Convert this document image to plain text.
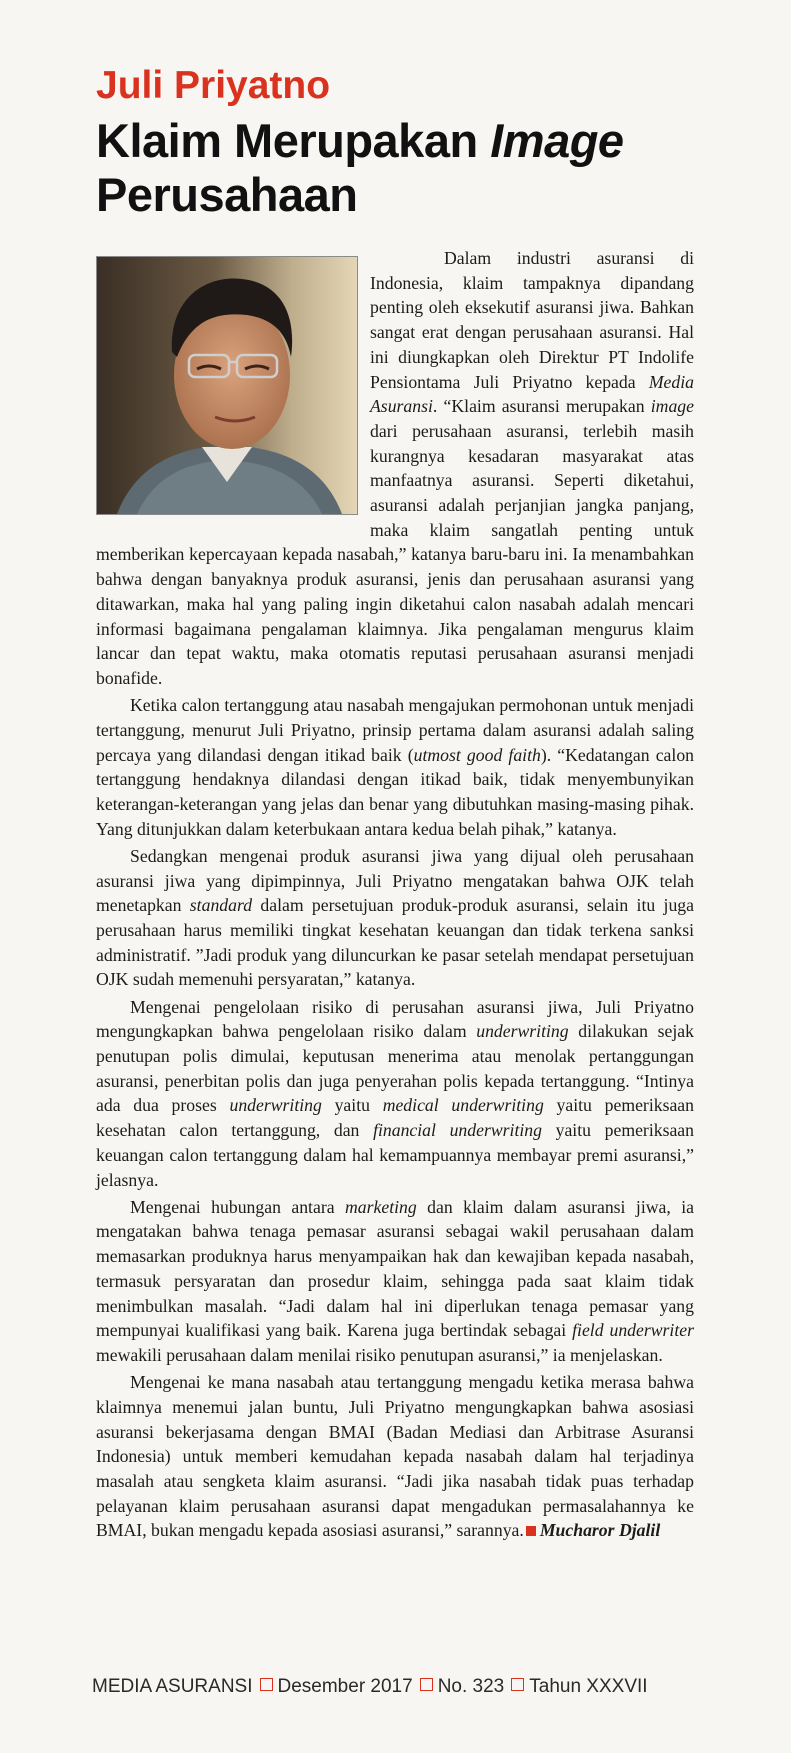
Juli Priyatno
Klaim Merupakan Image
Perusahaan

Dalam industri asuransi di Indonesia, klaim tampaknya dipandang penting oleh eksekutif asuransi jiwa. Bahkan sangat erat dengan perusahaan asuransi. Hal ini diungkapkan oleh Direktur PT Indolife Pensiontama Juli Priyatno kepada Media Asuransi. “Klaim asuransi merupakan image dari perusahaan asuransi, terlebih masih kurangnya kesadaran masyarakat atas manfaatnya asuransi. Seperti diketahui, asuransi adalah perjanjian jangka panjang, maka klaim sangatlah penting untuk memberikan kepercayaan kepada nasabah,” katanya baru-baru ini. Ia menambahkan bahwa dengan banyaknya produk asuransi, jenis dan perusahaan asuransi yang ditawarkan, maka hal yang paling ingin diketahui calon nasabah adalah mencari informasi bagaimana pengalaman klaimnya. Jika pengalaman mengurus klaim lancar dan tepat waktu, maka otomatis reputasi perusahaan asuransi menjadi bonafide.

Ketika calon tertanggung atau nasabah mengajukan permohonan untuk menjadi tertanggung, menurut Juli Priyatno, prinsip pertama dalam asuransi adalah saling percaya yang dilandasi dengan itikad baik (utmost good faith). “Kedatangan calon tertanggung hendaknya dilandasi dengan itikad baik, tidak menyembunyikan keterangan-keterangan yang jelas dan benar yang dibutuhkan masing-masing pihak. Yang ditunjukkan dalam keterbukaan antara kedua belah pihak,” katanya.

Sedangkan mengenai produk asuransi jiwa yang dijual oleh perusahaan asuransi jiwa yang dipimpinnya, Juli Priyatno mengatakan bahwa OJK telah menetapkan standard dalam persetujuan produk-produk asuransi, selain itu juga perusahaan harus memiliki tingkat kesehatan keuangan dan tidak terkena sanksi administratif. ”Jadi produk yang diluncurkan ke pasar setelah mendapat persetujuan OJK sudah memenuhi persyaratan,” katanya.

Mengenai pengelolaan risiko di perusahan asuransi jiwa, Juli Priyatno mengungkapkan bahwa pengelolaan risiko dalam underwriting dilakukan sejak penutupan polis dimulai, keputusan menerima atau menolak pertanggungan asuransi, penerbitan polis dan juga penyerahan polis kepada tertanggung. “Intinya ada dua proses underwriting yaitu medical underwriting yaitu pemeriksaan kesehatan calon tertanggung, dan financial underwriting yaitu pemeriksaan keuangan calon tertanggung dalam hal kemampuannya membayar premi asuransi,” jelasnya.

Mengenai hubungan antara marketing dan klaim dalam asuransi jiwa, ia mengatakan bahwa tenaga pemasar asuransi sebagai wakil perusahaan dalam memasarkan produknya harus menyampaikan hak dan kewajiban kepada nasabah, termasuk persyaratan dan prosedur klaim, sehingga pada saat klaim tidak menimbulkan masalah. “Jadi dalam hal ini diperlukan tenaga pemasar yang mempunyai kualifikasi yang baik. Karena juga bertindak sebagai field underwriter mewakili perusahaan dalam menilai risiko penutupan asuransi,” ia menjelaskan.

Mengenai ke mana nasabah atau tertanggung mengadu ketika merasa bahwa klaimnya menemui jalan buntu, Juli Priyatno mengungkapkan bahwa asosiasi asuransi bekerjasama dengan BMAI (Badan Mediasi dan Arbitrase Asuransi Indonesia) untuk memberi kemudahan kepada nasabah dalam hal terjadinya masalah atau sengketa klaim asuransi. “Jadi jika nasabah tidak puas terhadap pelayanan klaim perusahaan asuransi dapat mengadukan permasalahannya ke BMAI, bukan mengadu kepada asosiasi asuransi,” sarannya. Mucharor Djalil

MEDIA ASURANSI Desember 2017 No. 323 Tahun XXXVII
